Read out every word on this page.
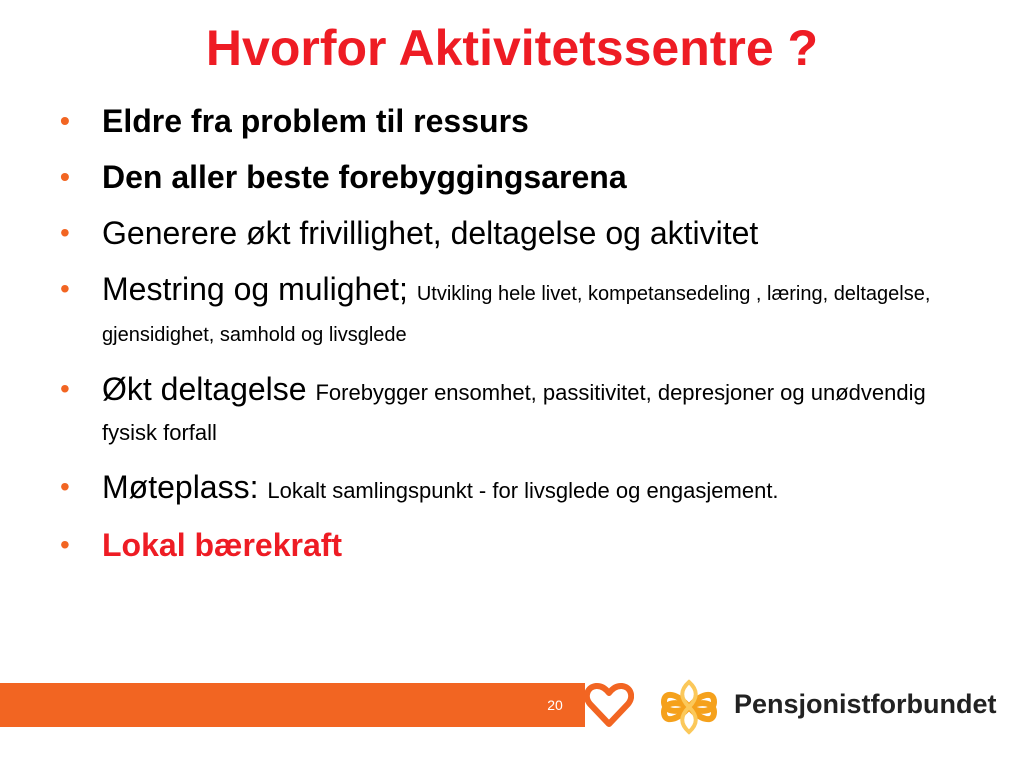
Hvorfor Aktivitetssentre ?
• Eldre fra problem til ressurs
• Den aller beste forebyggingsarena
• Generere økt frivillighet, deltagelse og aktivitet
• Mestring og mulighet; Utvikling hele livet, kompetansedeling , læring, deltagelse, gjensidighet, samhold og livsglede
• Økt deltagelse Forebygger ensomhet, passitivitet, depresjoner og unødvendig fysisk forfall
• Møteplass: Lokalt samlingspunkt - for livsglede og engasjement.
• Lokal bærekraft
20	Pensjonistforbundet
